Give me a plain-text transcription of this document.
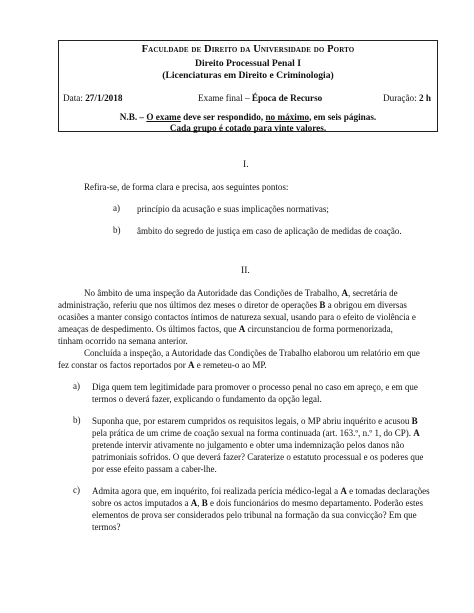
Faculdade de Direito da Universidade do Porto
Direito Processual Penal I
(Licenciaturas em Direito e Criminologia)
Data: 27/1/2018	Exame final – Época de Recurso	Duração: 2 h
N.B. – O exame deve ser respondido, no máximo, em seis páginas.
Cada grupo é cotado para vinte valores.
I.
Refira-se, de forma clara e precisa, aos seguintes pontos:
a) princípio da acusação e suas implicações normativas;
b) âmbito do segredo de justiça em caso de aplicação de medidas de coação.
II.
No âmbito de uma inspeção da Autoridade das Condições de Trabalho, A, secretária de
administração, referiu que nos últimos dez meses o diretor de operações B a obrigou em diversas
ocasiões a manter consigo contactos íntimos de natureza sexual, usando para o efeito de violência e
ameaças de despedimento. Os últimos factos, que A circunstanciou de forma pormenorizada,
tinham ocorrido na semana anterior.
Concluída a inspeção, a Autoridade das Condições de Trabalho elaborou um relatório em que
fez constar os factos reportados por A e remeteu-o ao MP.
a) Diga quem tem legitimidade para promover o processo penal no caso em apreço, e em que
termos o deverá fazer, explicando o fundamento da opção legal.
b) Suponha que, por estarem cumpridos os requisitos legais, o MP abriu inquérito e acusou B
pela prática de um crime de coação sexual na forma continuada (art. 163.º, n.º 1, do CP). A
pretende intervir ativamente no julgamento e obter uma indemnização pelos danos não
patrimoniais sofridos. O que deverá fazer? Caraterize o estatuto processual e os poderes que
por esse efeito passam a caber-lhe.
c) Admita agora que, em inquérito, foi realizada perícia médico-legal a A e tomadas declarações
sobre os actos imputados a A, B e dois funcionários do mesmo departamento. Poderão estes
elementos de prova ser considerados pelo tribunal na formação da sua convicção? Em que
termos?
